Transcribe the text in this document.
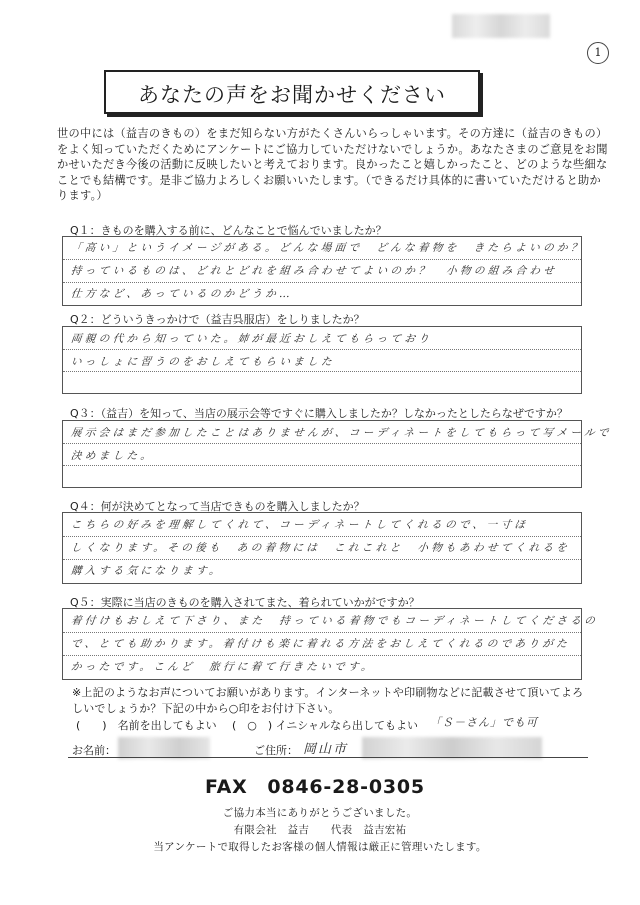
1
あなたの声をお聞かせください
世の中には（益吉のきもの）をまだ知らない方がたくさんいらっしゃいます。その方達に（益吉のきもの）
をよく知っていただくためにアンケートにご協力していただけないでしょうか。あなたさまのご意見をお聞
かせいただき今後の活動に反映したいと考えております。良かったこと嬉しかったこと、どのような些細な
ことでも結構です。是非ご協力よろしくお願いいたします。（できるだけ具体的に書いていただけると助か
ります。）
Q１：きものを購入する前に、どんなことで悩んでいましたか？
「高い」というイメージがある。どんな場面で　どんな着物を　きたらよいのか？
持っているものは、どれとどれを組み合わせてよいのか？　小物の組み合わせ
仕方など、あっているのかどうか…
Q２：どういうきっかけで（益吉呉服店）をしりましたか？
両親の代から知っていた。姉が最近おしえてもらっており
いっしょに習うのをおしえてもらいました
Q３：（益吉）を知って、当店の展示会等ですぐに購入しましたか？しなかったとしたらなぜですか？
展示会はまだ参加したことはありませんが、コーディネートをしてもらって写メールで
決めました。
Q４：何が決めてとなって当店できものを購入しましたか？
こちらの好みを理解してくれて、コーディネートしてくれるので、一寸ほ
しくなります。その後も　あの着物には　これこれと　小物もあわせてくれるを
購入する気になります。
Q５：実際に当店のきものを購入されてまた、着られていかがですか？
着付けもおしえて下さり、また　持っている着物でもコーディネートしてくださるの
で、とても助かります。着付けも楽に着れる方法をおしえてくれるのでありがた
かったです。こんど　旅行に着て行きたいです。
※上記のようなお声についてお願いがあります。インターネットや印刷物などに記載させて頂いてよろ
しいでしょうか？下記の中から○印をお付け下さい。
(　　)　名前を出してもよい (　○　) イニシャルなら出してもよい 「Ｓ－さん」でも可
お名前：	ご住所： 岡山市
FAX　0846-28-0305
ご協力本当にありがとうございました。
有限会社　益吉　　代表　益吉宏祐
当アンケートで取得したお客様の個人情報は厳正に管理いたします。
